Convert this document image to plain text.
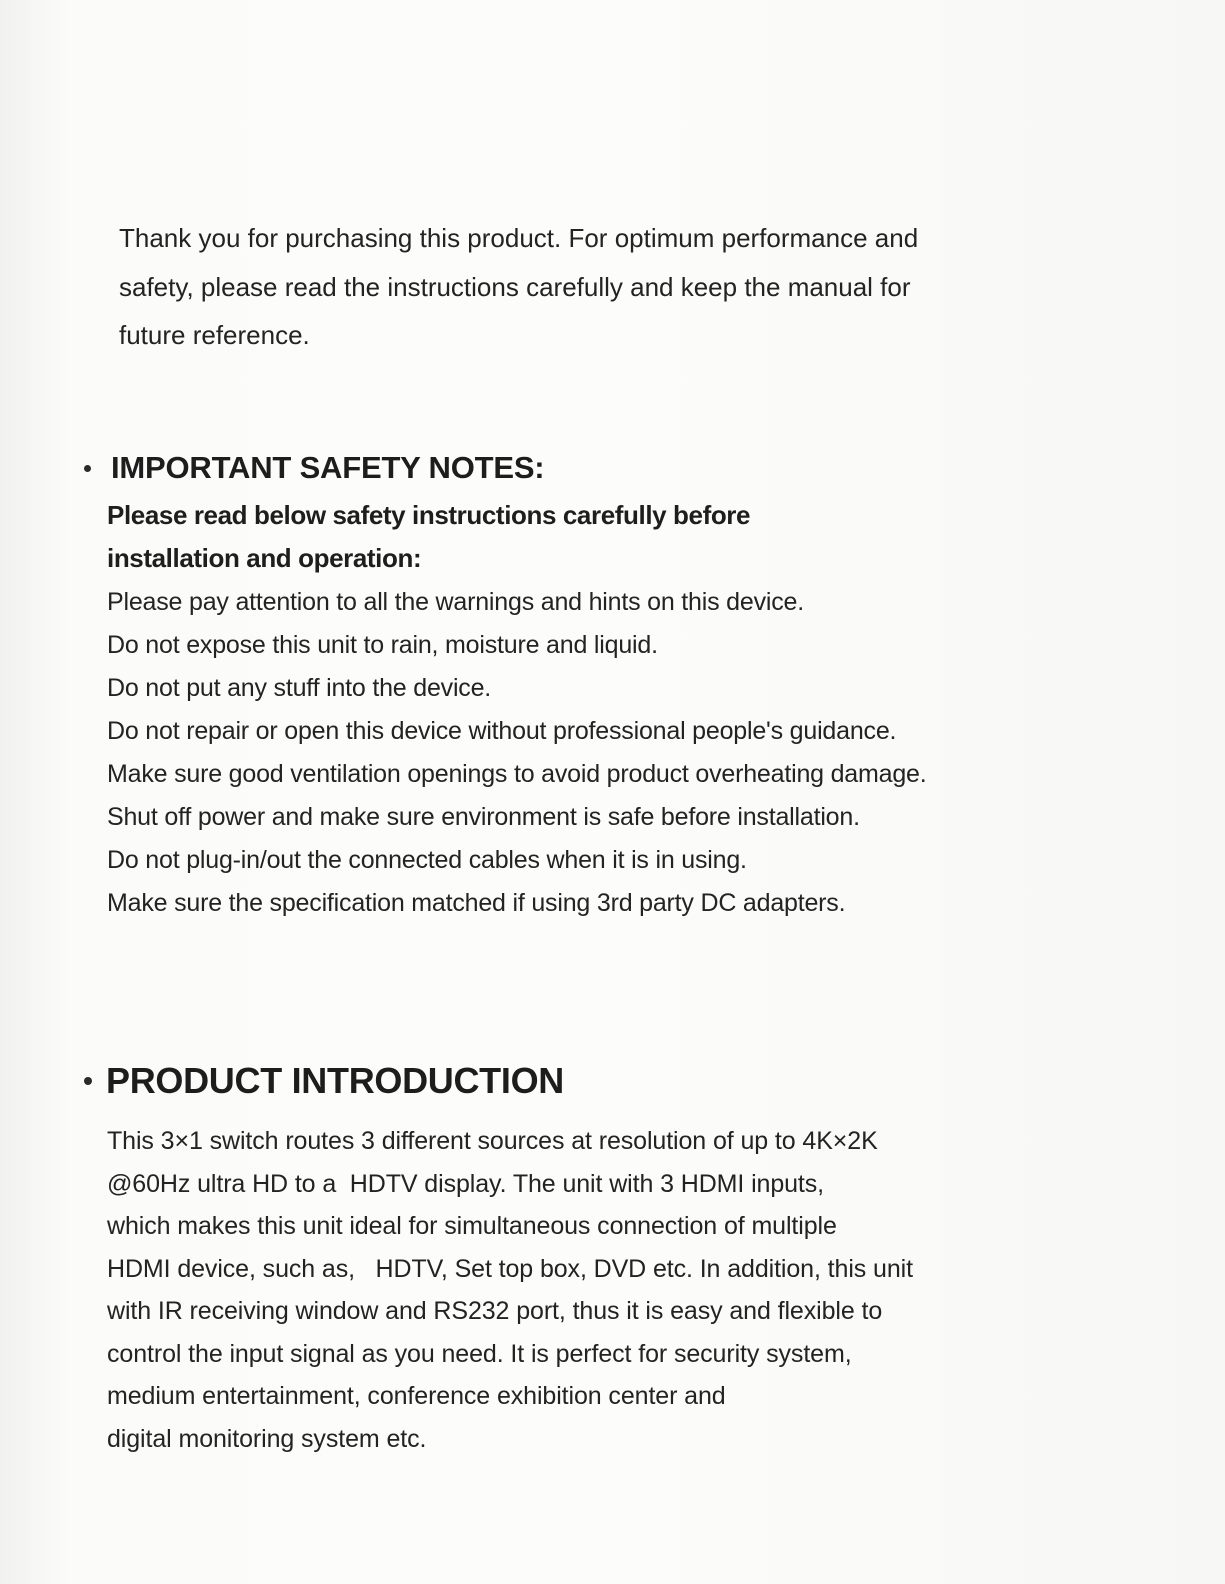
Thank you for purchasing this product. For optimum performance and
safety, please read the instructions carefully and keep the manual for
future reference.
IMPORTANT SAFETY NOTES:
Please read below safety instructions carefully before
installation and operation:
Please pay attention to all the warnings and hints on this device.
Do not expose this unit to rain, moisture and liquid.
Do not put any stuff into the device.
Do not repair or open this device without professional people's guidance.
Make sure good ventilation openings to avoid product overheating damage.
Shut off power and make sure environment is safe before installation.
Do not plug-in/out the connected cables when it is in using.
Make sure the specification matched if using 3rd party DC adapters.
PRODUCT INTRODUCTION
This 3×1 switch routes 3 different sources at resolution of up to 4K×2K
@60Hz ultra HD to a  HDTV display. The unit with 3 HDMI inputs,
which makes this unit ideal for simultaneous connection of multiple
HDMI device, such as,   HDTV, Set top box, DVD etc. In addition, this unit
with IR receiving window and RS232 port, thus it is easy and flexible to
control the input signal as you need. It is perfect for security system,
medium entertainment, conference exhibition center and
digital monitoring system etc.
